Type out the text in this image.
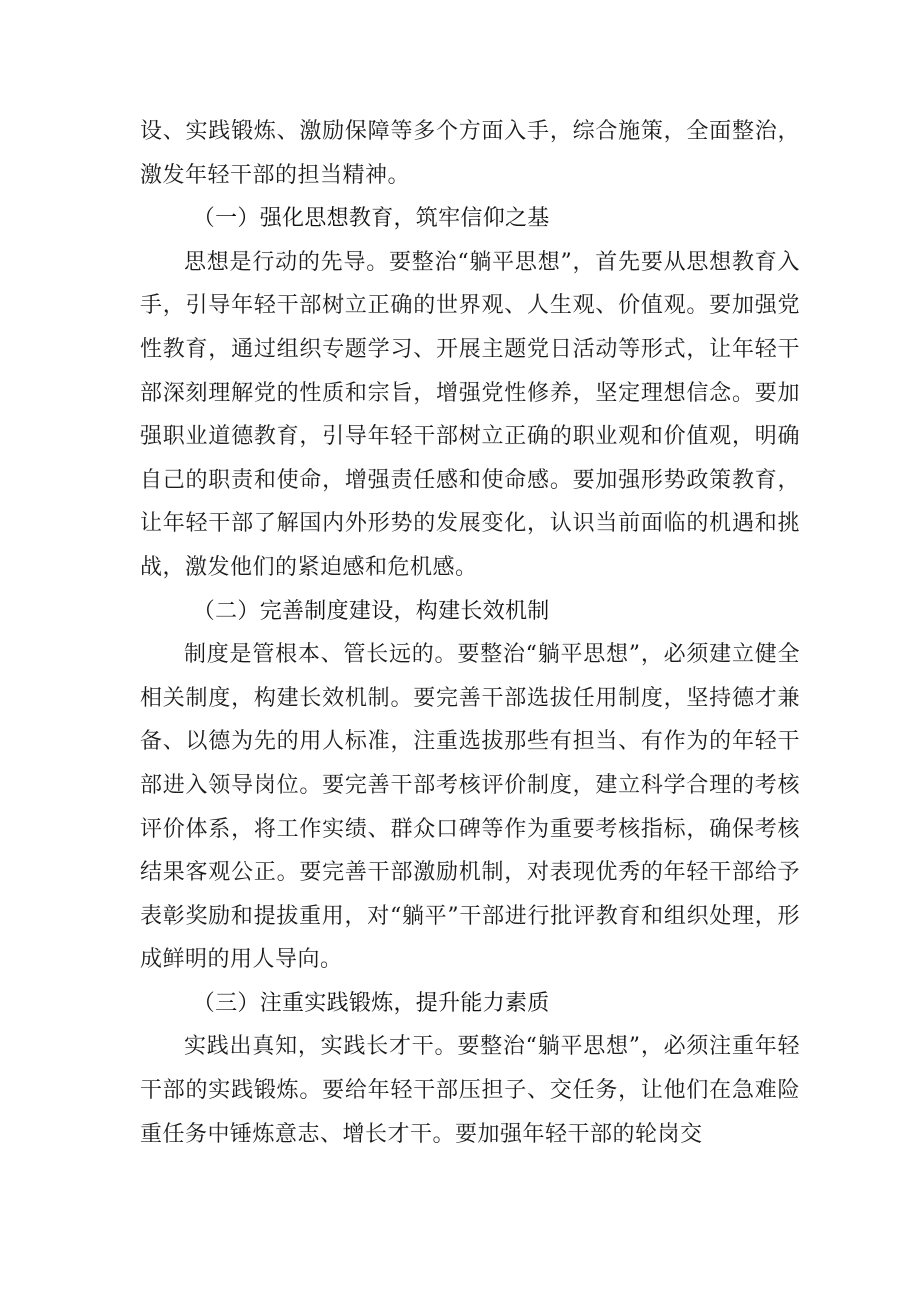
设、实践锻炼、激励保障等多个方面入手，综合施策，全面整治，激发年轻干部的担当精神。

（一）强化思想教育，筑牢信仰之基

思想是行动的先导。要整治“躺平思想”，首先要从思想教育入手，引导年轻干部树立正确的世界观、人生观、价值观。要加强党性教育，通过组织专题学习、开展主题党日活动等形式，让年轻干部深刻理解党的性质和宗旨，增强党性修养，坚定理想信念。要加强职业道德教育，引导年轻干部树立正确的职业观和价值观，明确自己的职责和使命，增强责任感和使命感。要加强形势政策教育，让年轻干部了解国内外形势的发展变化，认识当前面临的机遇和挑战，激发他们的紧迫感和危机感。

（二）完善制度建设，构建长效机制

制度是管根本、管长远的。要整治“躺平思想”，必须建立健全相关制度，构建长效机制。要完善干部选拔任用制度，坚持德才兼备、以德为先的用人标准，注重选拔那些有担当、有作为的年轻干部进入领导岗位。要完善干部考核评价制度，建立科学合理的考核评价体系，将工作实绩、群众口碑等作为重要考核指标，确保考核结果客观公正。要完善干部激励机制，对表现优秀的年轻干部给予表彰奖励和提拔重用，对“躺平”干部进行批评教育和组织处理，形成鲜明的用人导向。

（三）注重实践锻炼，提升能力素质

实践出真知，实践长才干。要整治“躺平思想”，必须注重年轻干部的实践锻炼。要给年轻干部压担子、交任务，让他们在急难险重任务中锤炼意志、增长才干。要加强年轻干部的轮岗交
